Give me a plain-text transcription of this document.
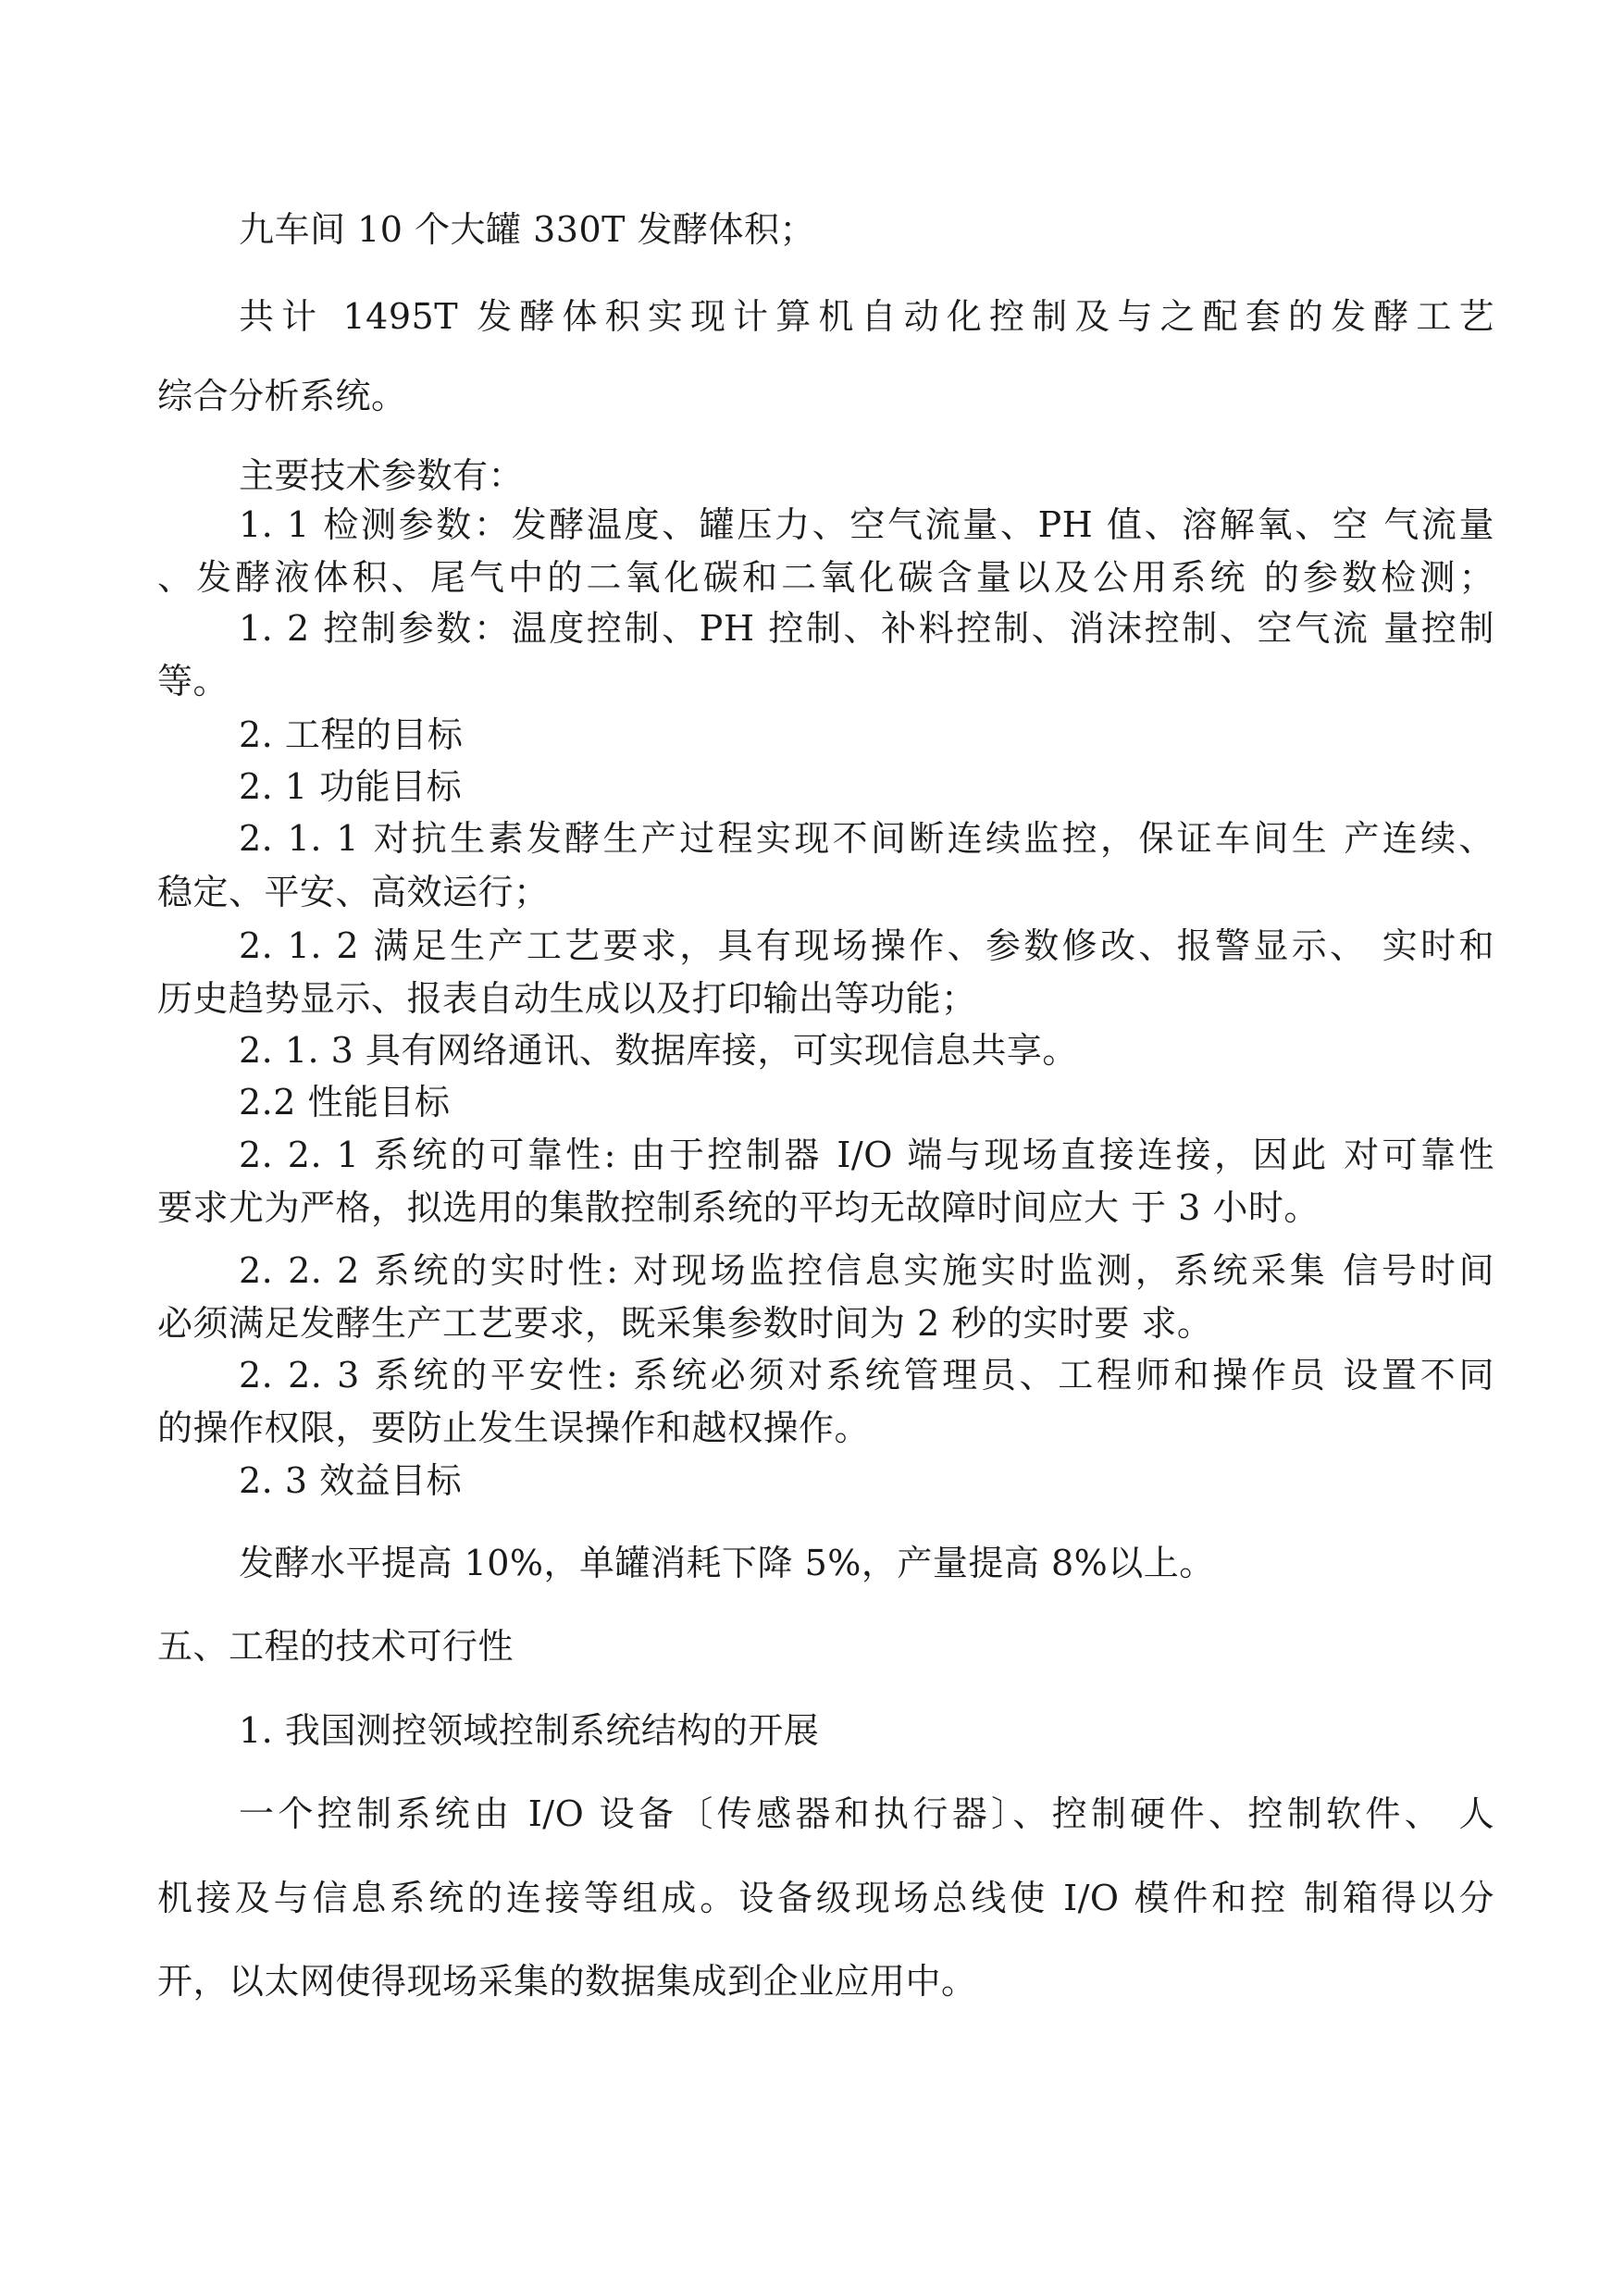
九车间 10 个大罐 330T 发酵体积；
共计 1495T 发酵体积实现计算机自动化控制及与之配套的发酵工艺
综合分析系统。
主要技术参数有：
1. 1 检测参数：发酵温度、罐压力、空气流量、PH 值、溶解氧、空 气流量
、发酵液体积、尾气中的二氧化碳和二氧化碳含量以及公用系统 的参数检测；
1. 2 控制参数：温度控制、PH 控制、补料控制、消沫控制、空气流 量控制
等。
2. 工程的目标
2. 1 功能目标
2. 1. 1 对抗生素发酵生产过程实现不间断连续监控，保证车间生 产连续、
稳定、平安、高效运行；
2. 1. 2 满足生产工艺要求，具有现场操作、参数修改、报警显示、 实时和
历史趋势显示、报表自动生成以及打印输出等功能；
2. 1. 3 具有网络通讯、数据库接，可实现信息共享。
2.2 性能目标
2. 2. 1 系统的可靠性: 由于控制器 I/O 端与现场直接连接，因此 对可靠性
要求尤为严格，拟选用的集散控制系统的平均无故障时间应大 于 3 小时。
2. 2. 2 系统的实时性: 对现场监控信息实施实时监测，系统采集 信号时间
必须满足发酵生产工艺要求，既采集参数时间为 2 秒的实时要 求。
2. 2. 3 系统的平安性: 系统必须对系统管理员、工程师和操作员 设置不同
的操作权限，要防止发生误操作和越权操作。
2. 3 效益目标
发酵水平提高 10%，单罐消耗下降 5%，产量提高 8%以上。
五、工程的技术可行性
1. 我国测控领域控制系统结构的开展
一个控制系统由 I/O 设备〔传感器和执行器〕、控制硬件、控制软件、 人
机接及与信息系统的连接等组成。设备级现场总线使 I/O 模件和控 制箱得以分
开，以太网使得现场采集的数据集成到企业应用中。
